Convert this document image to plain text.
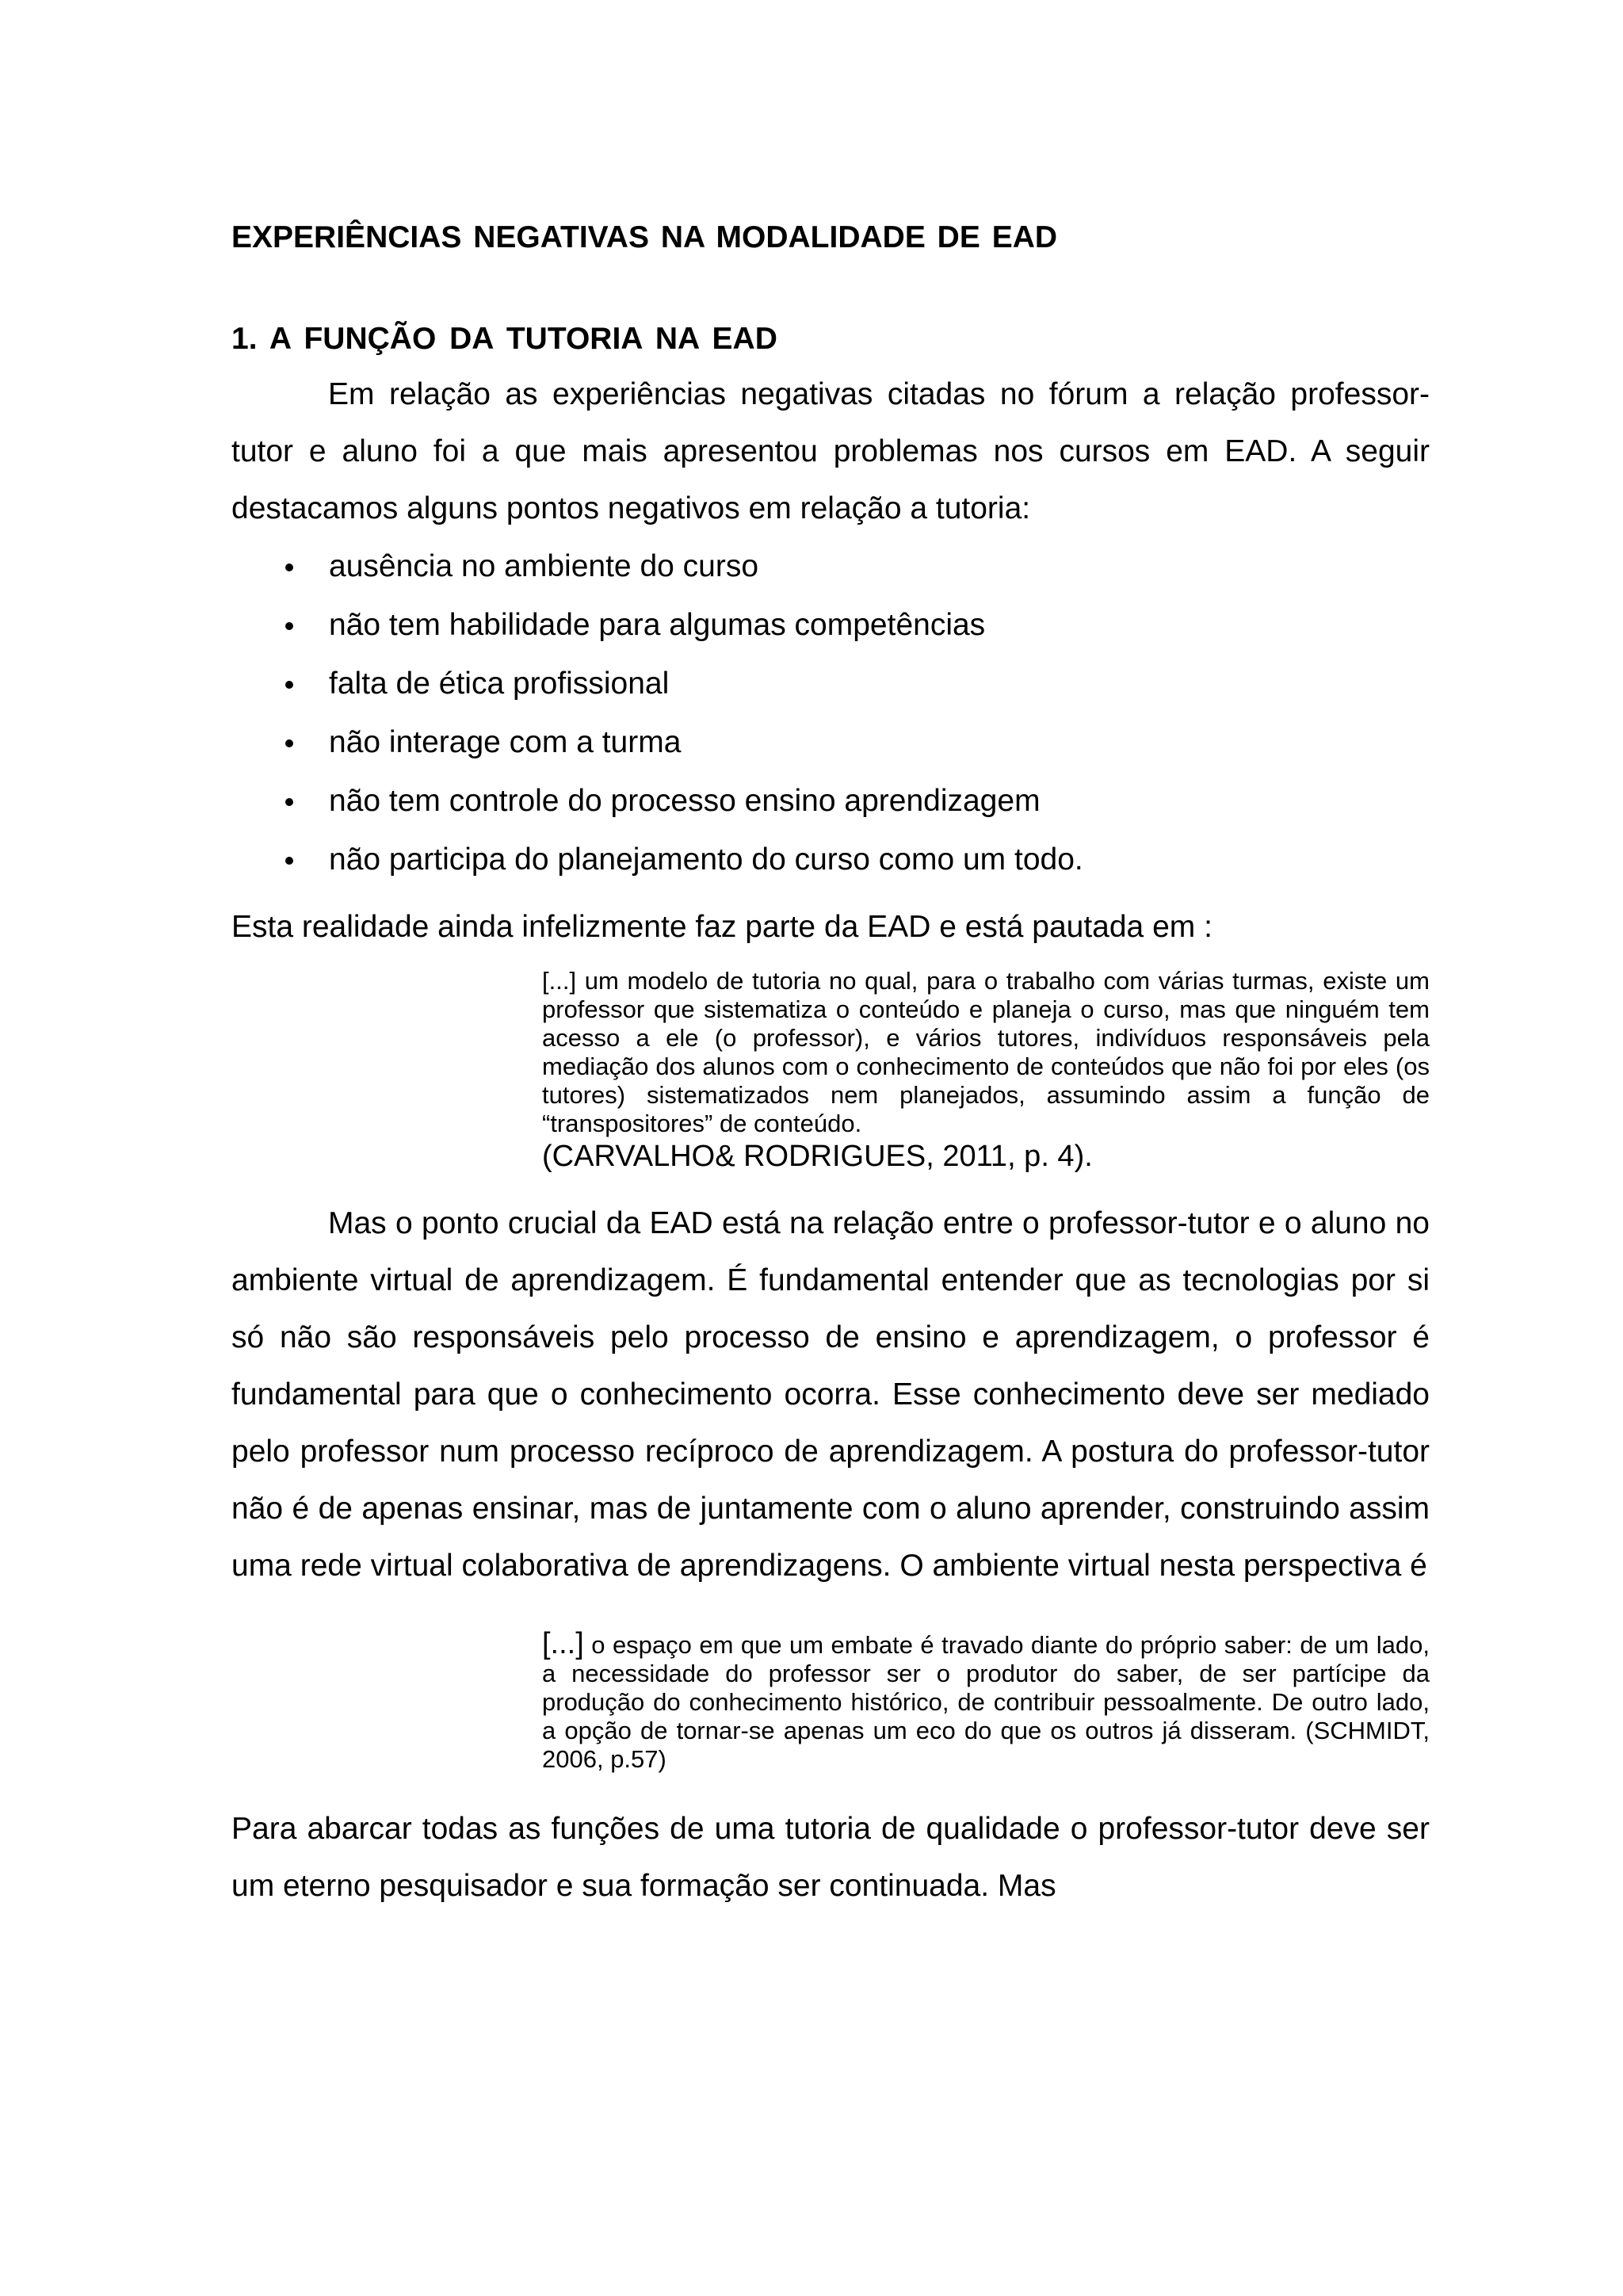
EXPERIÊNCIAS NEGATIVAS NA MODALIDADE DE EAD
1. A FUNÇÃO DA TUTORIA NA EAD

Em relação as experiências negativas citadas no fórum a relação professor-tutor e aluno foi a que mais apresentou problemas nos cursos em EAD. A seguir destacamos alguns pontos negativos em relação a tutoria:

ausência no ambiente do curso
não tem habilidade para algumas competências
falta de ética profissional
não interage com a turma
não tem controle do processo ensino aprendizagem
não participa do planejamento do curso como um todo.

Esta realidade ainda infelizmente faz parte da EAD e está pautada em :

[...] um modelo de tutoria no qual, para o trabalho com várias turmas, existe um professor que sistematiza o conteúdo e planeja o curso, mas que ninguém tem acesso a ele (o professor), e vários tutores, indivíduos responsáveis pela mediação dos alunos com o conhecimento de conteúdos que não foi por eles (os tutores) sistematizados nem planejados, assumindo assim a função de “transpositores” de conteúdo.
(CARVALHO& RODRIGUES, 2011, p. 4).

Mas o ponto crucial da EAD está na relação entre o professor-tutor e o aluno no ambiente virtual de aprendizagem. É fundamental entender que as tecnologias por si só não são responsáveis pelo processo de ensino e aprendizagem, o professor é fundamental para que o conhecimento ocorra. Esse conhecimento deve ser mediado pelo professor num processo recíproco de aprendizagem. A postura do professor-tutor não é de apenas ensinar, mas de juntamente com o aluno aprender, construindo assim uma rede virtual colaborativa de aprendizagens. O ambiente virtual nesta perspectiva é

[...] o espaço em que um embate é travado diante do próprio saber: de um lado, a necessidade do professor ser o produtor do saber, de ser partícipe da produção do conhecimento histórico, de contribuir pessoalmente. De outro lado, a opção de tornar-se apenas um eco do que os outros já disseram. (SCHMIDT, 2006, p.57)

Para abarcar todas as funções de uma tutoria de qualidade o professor-tutor deve ser um eterno pesquisador e sua formação ser continuada. Mas
